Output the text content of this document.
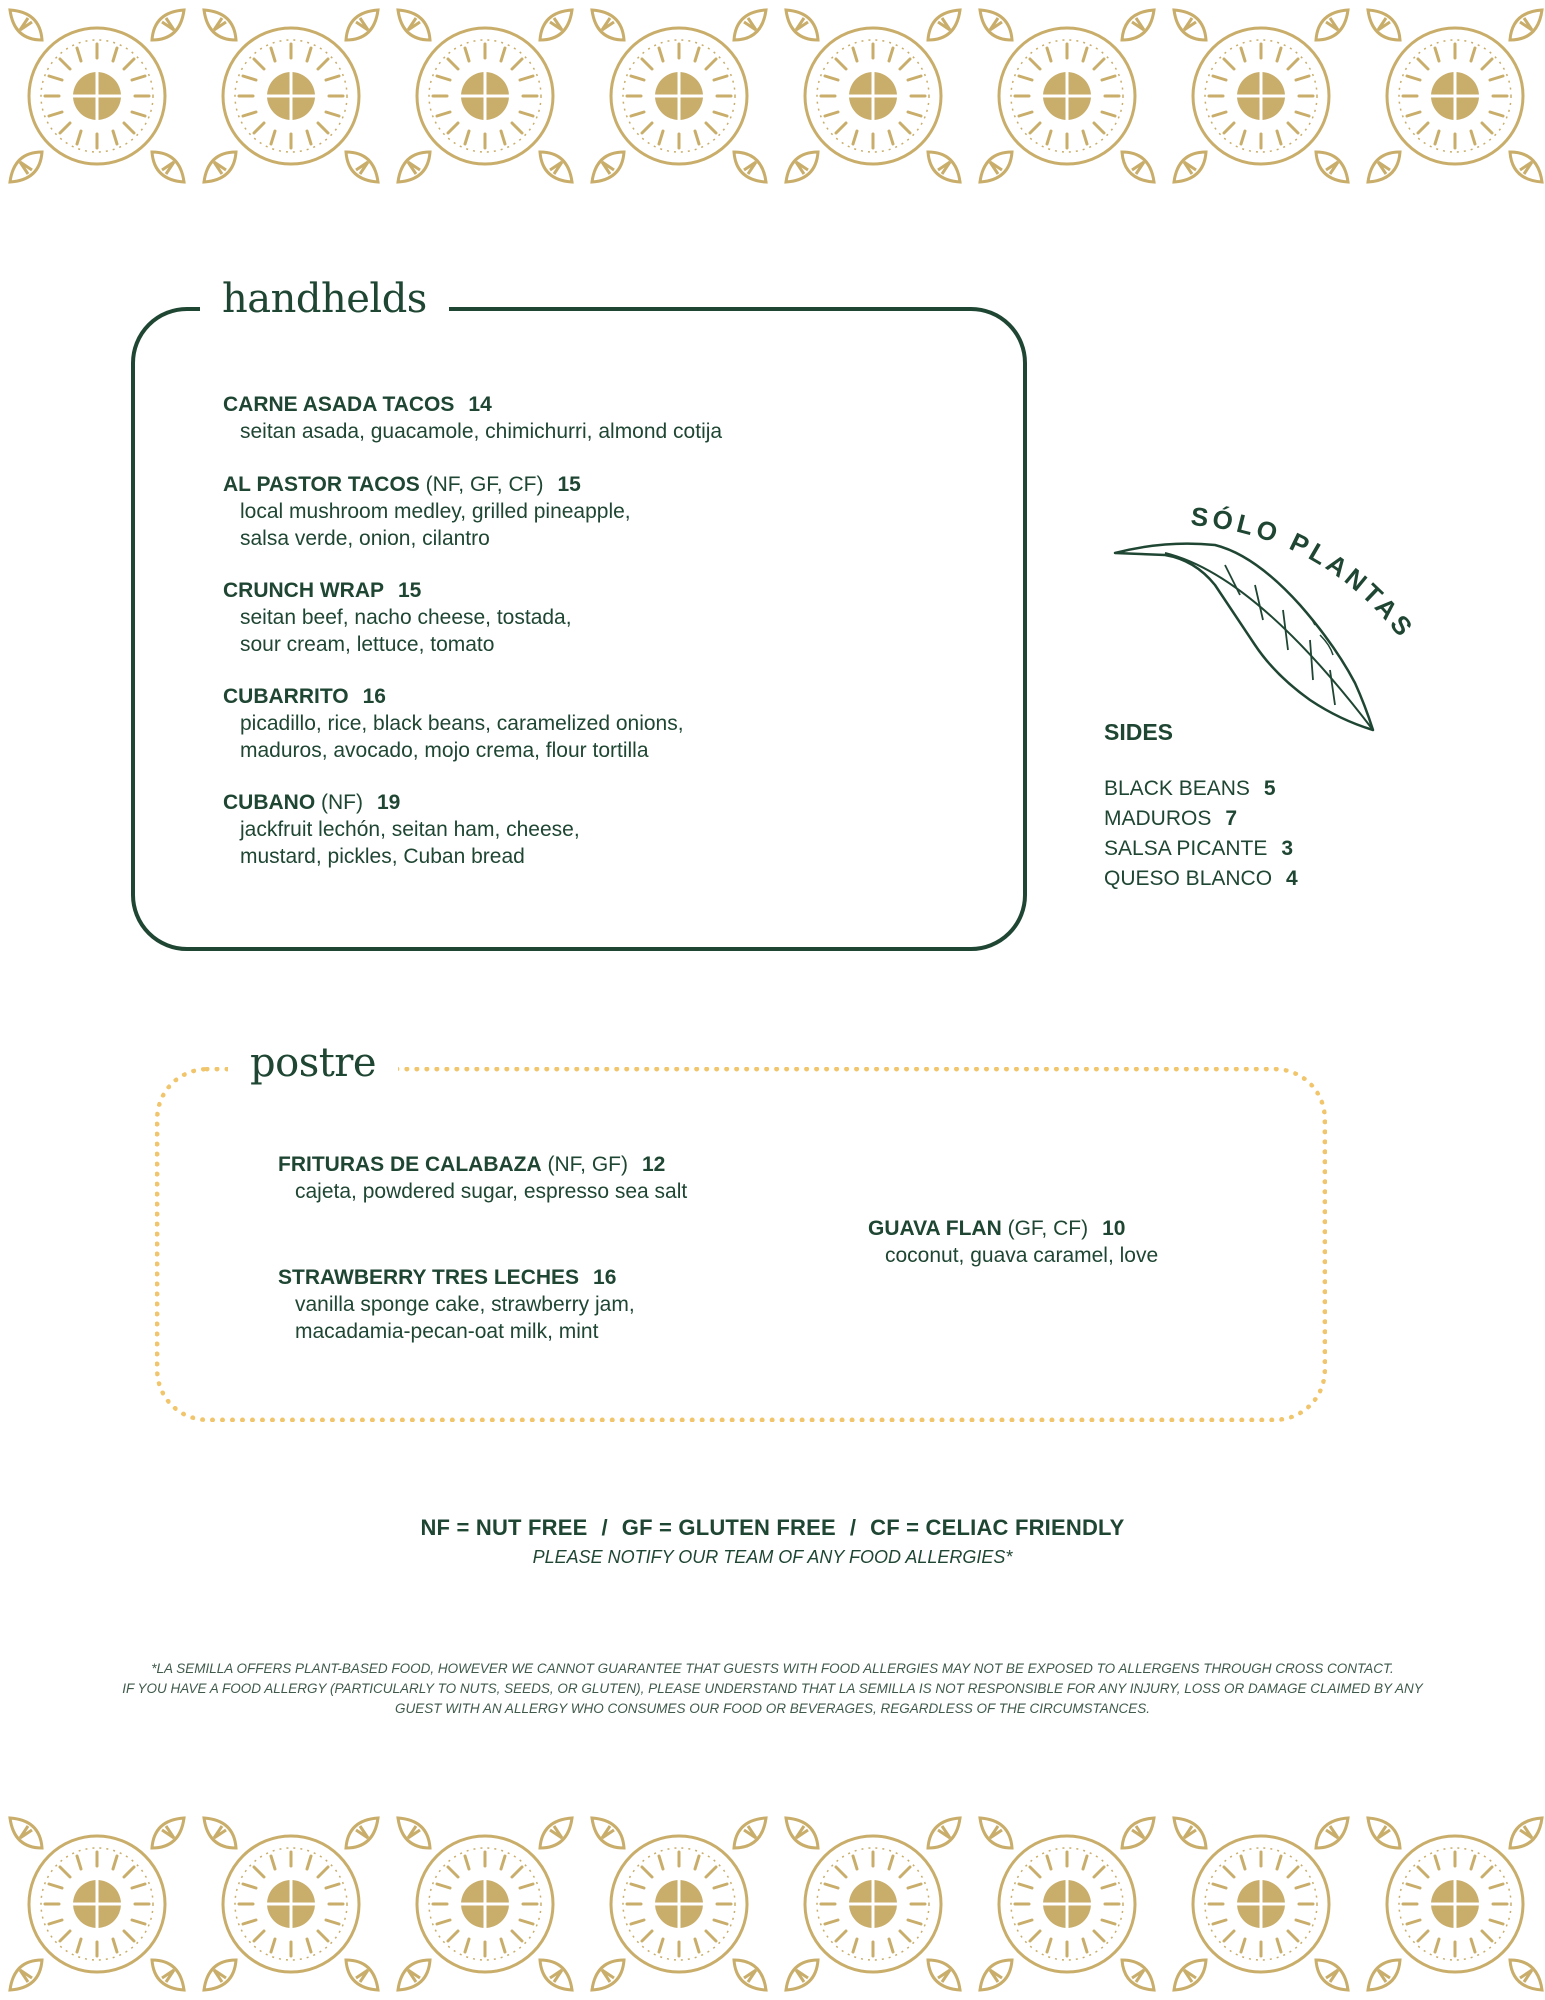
handhelds
CARNE ASADA TACOS 14
seitan asada, guacamole, chimichurri, almond cotija
AL PASTOR TACOS (NF, GF, CF) 15
local mushroom medley, grilled pineapple,
salsa verde, onion, cilantro
CRUNCH WRAP 15
seitan beef, nacho cheese, tostada,
sour cream, lettuce, tomato
CUBARRITO 16
picadillo, rice, black beans, caramelized onions,
maduros, avocado, mojo crema, flour tortilla
CUBANO (NF) 19
jackfruit lechón, seitan ham, cheese,
mustard, pickles, Cuban bread
SÓLO PLANTAS
SIDES
BLACK BEANS 5
MADUROS 7
SALSA PICANTE 3
QUESO BLANCO 4
postre
FRITURAS DE CALABAZA (NF, GF) 12
cajeta, powdered sugar, espresso sea salt
STRAWBERRY TRES LECHES 16
vanilla sponge cake, strawberry jam,
macadamia-pecan-oat milk, mint
GUAVA FLAN (GF, CF) 10
coconut, guava caramel, love
NF = NUT FREE / GF = GLUTEN FREE / CF = CELIAC FRIENDLY
PLEASE NOTIFY OUR TEAM OF ANY FOOD ALLERGIES*
*LA SEMILLA OFFERS PLANT-BASED FOOD, HOWEVER WE CANNOT GUARANTEE THAT GUESTS WITH FOOD ALLERGIES MAY NOT BE EXPOSED TO ALLERGENS THROUGH CROSS CONTACT.
IF YOU HAVE A FOOD ALLERGY (PARTICULARLY TO NUTS, SEEDS, OR GLUTEN), PLEASE UNDERSTAND THAT LA SEMILLA IS NOT RESPONSIBLE FOR ANY INJURY, LOSS OR DAMAGE CLAIMED BY ANY
GUEST WITH AN ALLERGY WHO CONSUMES OUR FOOD OR BEVERAGES, REGARDLESS OF THE CIRCUMSTANCES.
